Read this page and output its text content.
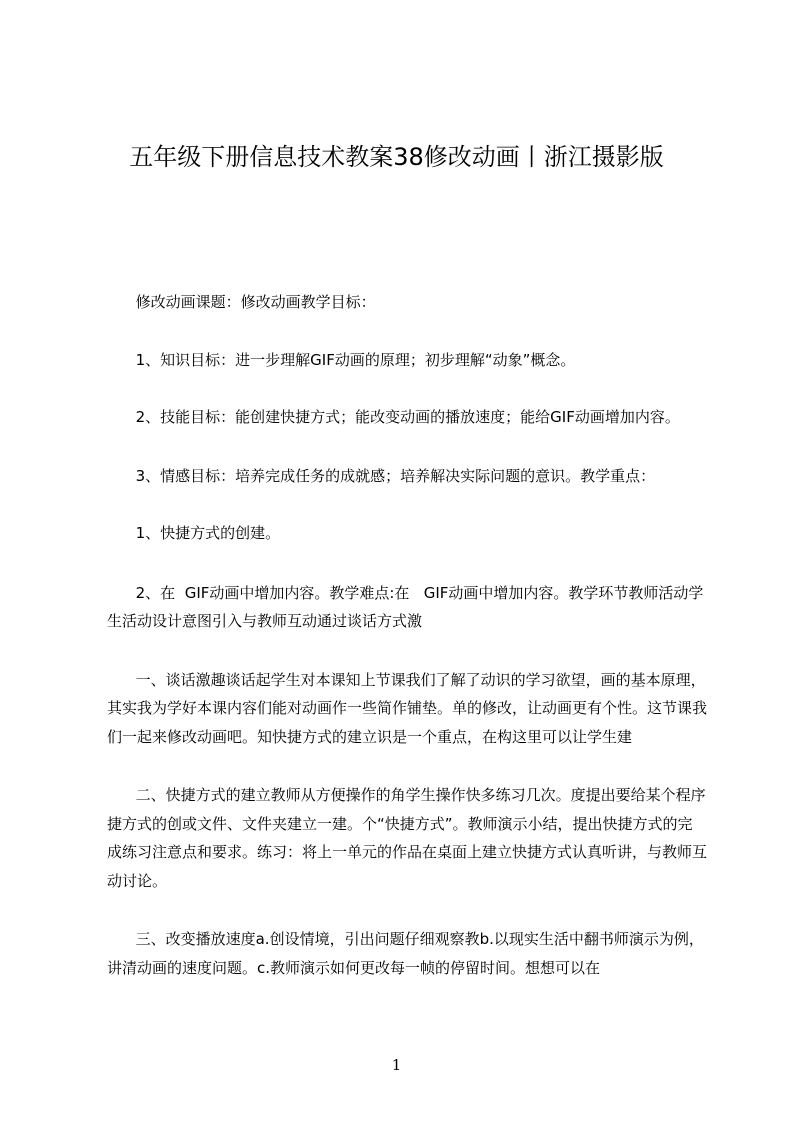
五年级下册信息技术教案38修改动画丨浙江摄影版

修改动画课题：修改动画教学目标：

1、知识目标：进一步理解GIF动画的原理；初步理解“动象”概念。

2、技能目标：能创建快捷方式；能改变动画的播放速度；能给GIF动画增加内容。

3、情感目标：培养完成任务的成就感；培养解决实际问题的意识。教学重点：

1、快捷方式的创建。

2、在  GIF动画中增加内容。教学难点:在   GIF动画中增加内容。教学环节教师活动学生活动设计意图引入与教师互动通过谈话方式激

一、谈话激趣谈话起学生对本课知上节课我们了解了动识的学习欲望，画的基本原理，其实我为学好本课内容们能对动画作一些简作铺垫。单的修改，让动画更有个性。这节课我们一起来修改动画吧。知快捷方式的建立识是一个重点，在构这里可以让学生建

二、快捷方式的建立教师从方便操作的角学生操作快多练习几次。度提出要给某个程序捷方式的创或文件、文件夹建立一建。个“快捷方式”。教师演示小结，提出快捷方式的完成练习注意点和要求。练习：将上一单元的作品在桌面上建立快捷方式认真听讲，与教师互动讨论。

三、改变播放速度a.创设情境，引出问题仔细观察教b.以现实生活中翻书师演示为例，讲清动画的速度问题。c.教师演示如何更改每一帧的停留时间。想想可以在

1
